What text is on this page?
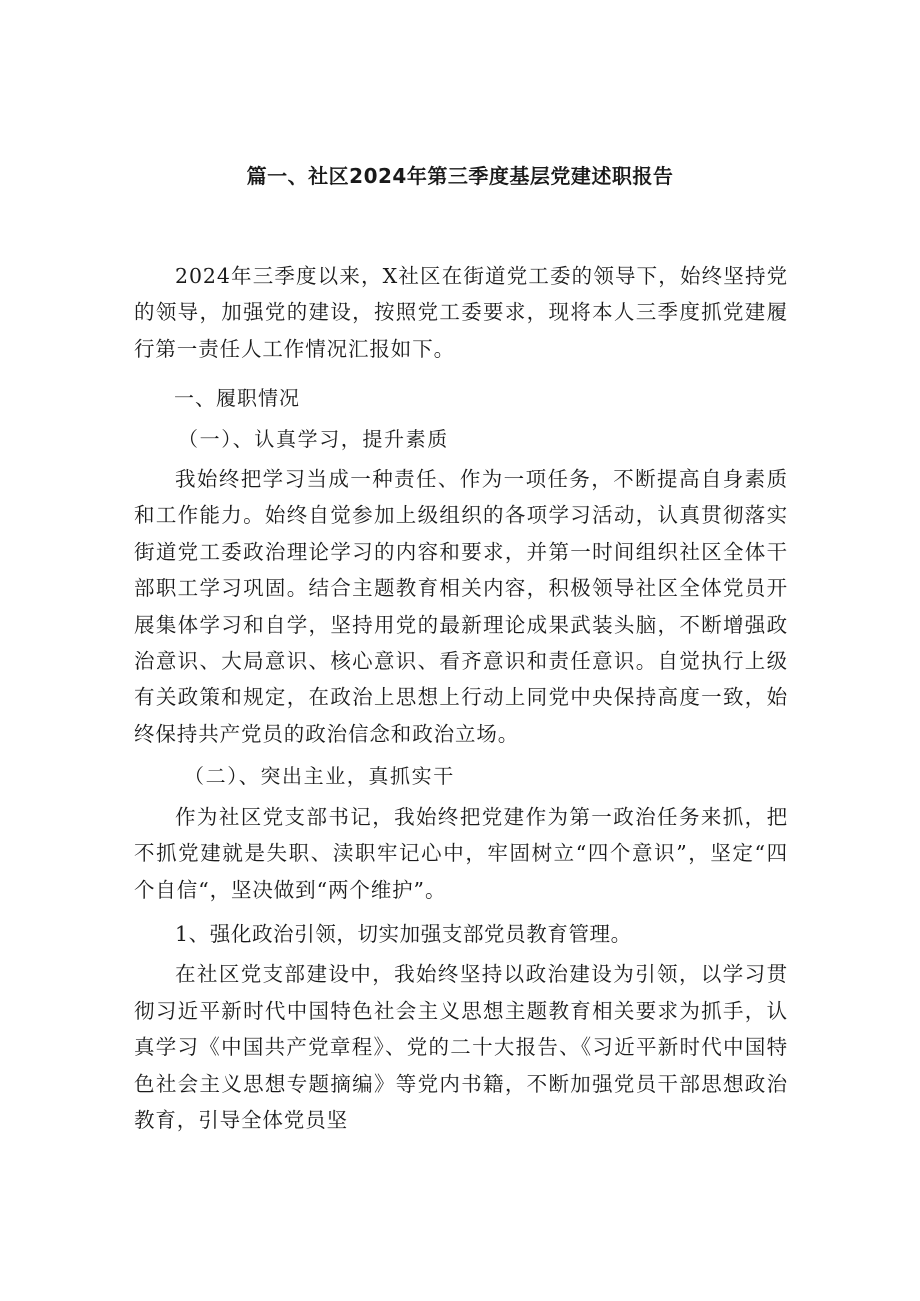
篇一、社区2024年第三季度基层党建述职报告

2024年三季度以来，X社区在街道党工委的领导下，始终坚持党的领导，加强党的建设，按照党工委要求，现将本人三季度抓党建履行第一责任人工作情况汇报如下。

一、履职情况
（一）、认真学习，提升素质

我始终把学习当成一种责任、作为一项任务，不断提高自身素质和工作能力。始终自觉参加上级组织的各项学习活动，认真贯彻落实街道党工委政治理论学习的内容和要求，并第一时间组织社区全体干部职工学习巩固。结合主题教育相关内容，积极领导社区全体党员开展集体学习和自学，坚持用党的最新理论成果武装头脑，不断增强政治意识、大局意识、核心意识、看齐意识和责任意识。自觉执行上级有关政策和规定，在政治上思想上行动上同党中央保持高度一致，始终保持共产党员的政治信念和政治立场。

（二）、突出主业，真抓实干

作为社区党支部书记，我始终把党建作为第一政治任务来抓，把不抓党建就是失职、渎职牢记心中，牢固树立“四个意识”，坚定“四个自信“，坚决做到“两个维护”。

1、强化政治引领，切实加强支部党员教育管理。

在社区党支部建设中，我始终坚持以政治建设为引领，以学习贯彻习近平新时代中国特色社会主义思想主题教育相关要求为抓手，认真学习《中国共产党章程》、党的二十大报告、《习近平新时代中国特色社会主义思想专题摘编》等党内书籍，不断加强党员干部思想政治教育，引导全体党员坚
